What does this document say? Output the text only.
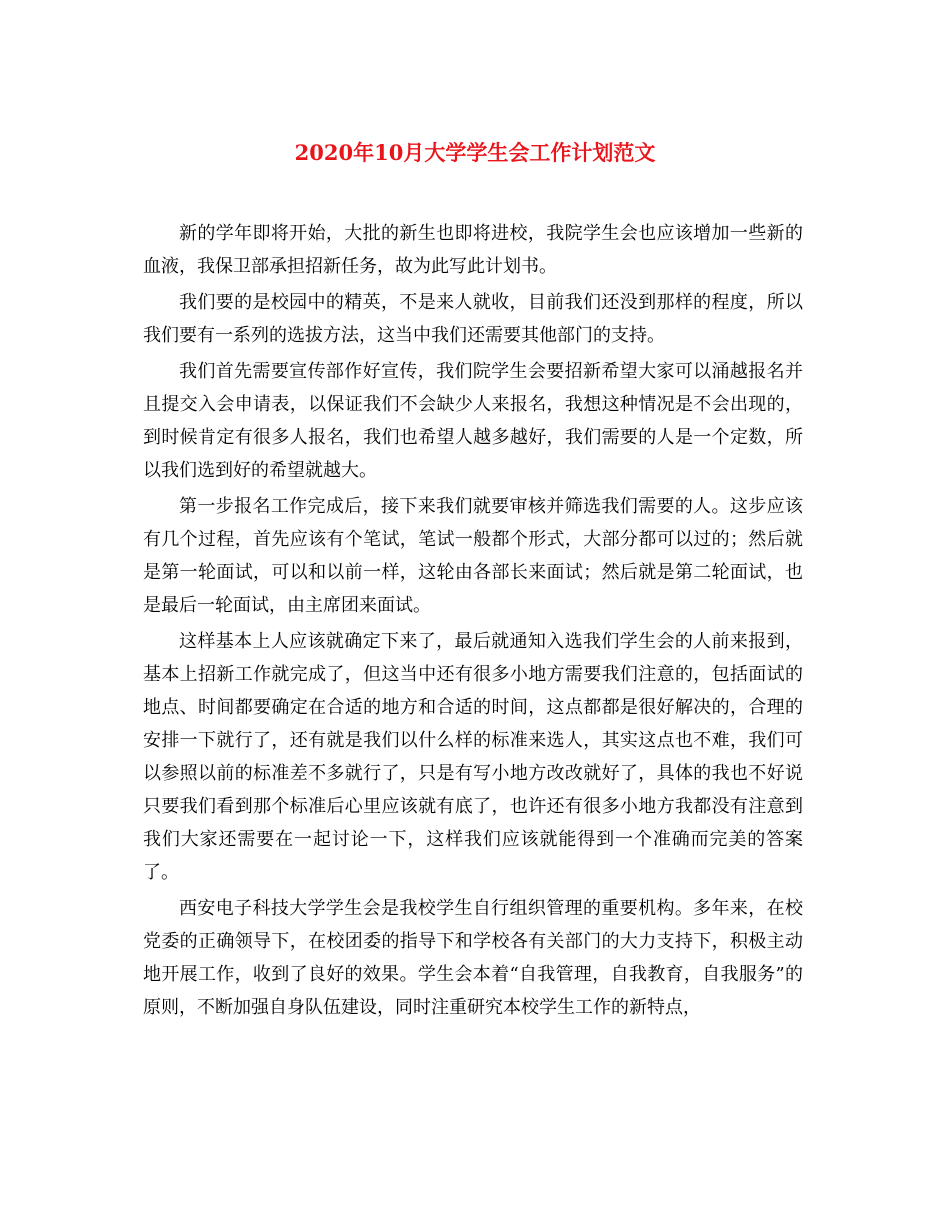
2020年10月大学学生会工作计划范文

新的学年即将开始，大批的新生也即将进校，我院学生会也应该增加一些新的血液，我保卫部承担招新任务，故为此写此计划书。

我们要的是校园中的精英，不是来人就收，目前我们还没到那样的程度，所以我们要有一系列的选拔方法，这当中我们还需要其他部门的支持。

我们首先需要宣传部作好宣传，我们院学生会要招新希望大家可以涌越报名并且提交入会申请表，以保证我们不会缺少人来报名，我想这种情况是不会出现的，到时候肯定有很多人报名，我们也希望人越多越好，我们需要的人是一个定数，所以我们选到好的希望就越大。

第一步报名工作完成后，接下来我们就要审核并筛选我们需要的人。这步应该有几个过程，首先应该有个笔试，笔试一般都个形式，大部分都可以过的；然后就是第一轮面试，可以和以前一样，这轮由各部长来面试；然后就是第二轮面试，也是最后一轮面试，由主席团来面试。

这样基本上人应该就确定下来了，最后就通知入选我们学生会的人前来报到，基本上招新工作就完成了，但这当中还有很多小地方需要我们注意的，包括面试的地点、时间都要确定在合适的地方和合适的时间，这点都都是很好解决的，合理的安排一下就行了，还有就是我们以什么样的标准来选人，其实这点也不难，我们可以参照以前的标准差不多就行了，只是有写小地方改改就好了，具体的我也不好说只要我们看到那个标准后心里应该就有底了，也许还有很多小地方我都没有注意到我们大家还需要在一起讨论一下，这样我们应该就能得到一个准确而完美的答案了。

西安电子科技大学学生会是我校学生自行组织管理的重要机构。多年来，在校党委的正确领导下，在校团委的指导下和学校各有关部门的大力支持下，积极主动地开展工作，收到了良好的效果。学生会本着“自我管理，自我教育，自我服务”的原则，不断加强自身队伍建设，同时注重研究本校学生工作的新特点，
